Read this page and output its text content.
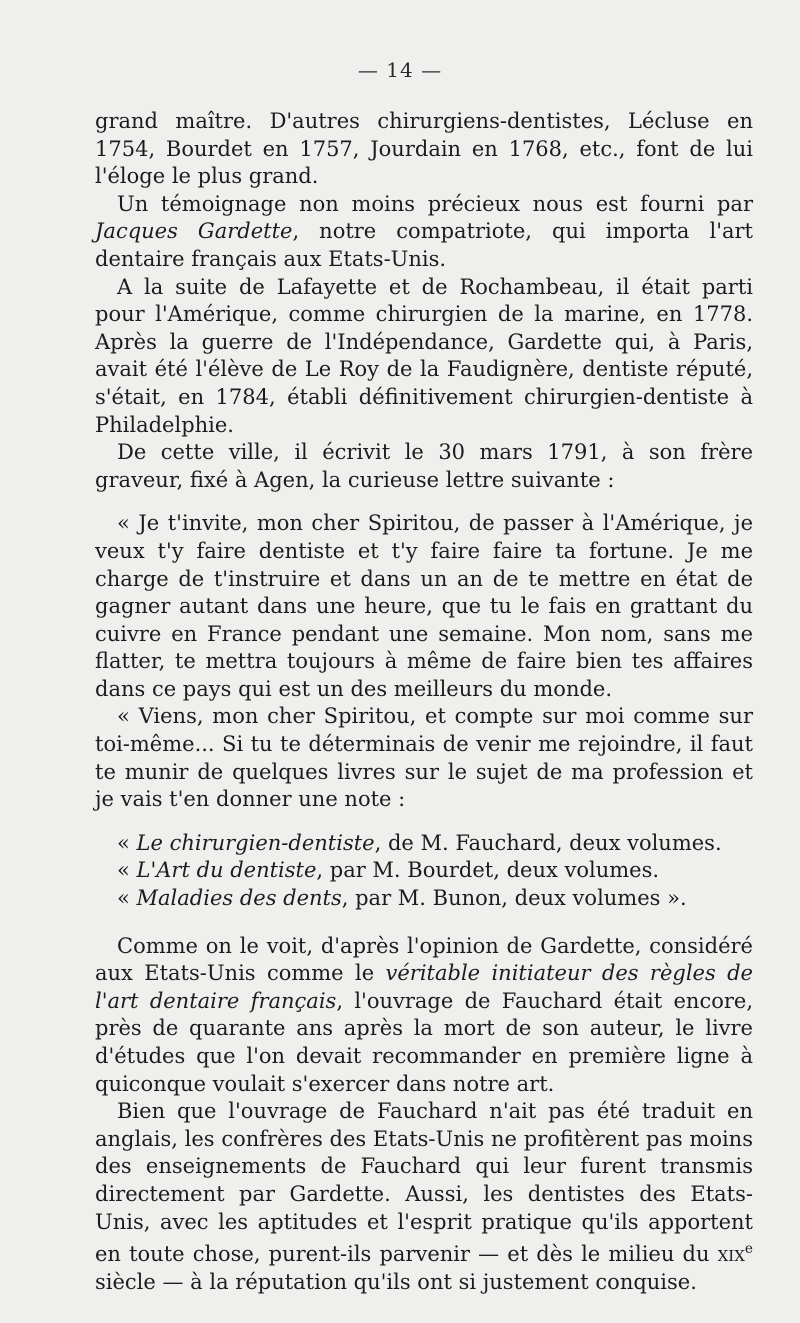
— 14 —

grand maître. D'autres chirurgiens-dentistes, Lécluse en 1754, Bourdet en 1757, Jourdain en 1768, etc., font de lui l'éloge le plus grand.

Un témoignage non moins précieux nous est fourni par Jacques Gardette, notre compatriote, qui importa l'art dentaire français aux Etats-Unis.

A la suite de Lafayette et de Rochambeau, il était parti pour l'Amérique, comme chirurgien de la marine, en 1778. Après la guerre de l'Indépendance, Gardette qui, à Paris, avait été l'élève de Le Roy de la Faudignère, dentiste réputé, s'était, en 1784, établi définitivement chirurgien-dentiste à Philadelphie.

De cette ville, il écrivit le 30 mars 1791, à son frère graveur, fixé à Agen, la curieuse lettre suivante :

« Je t'invite, mon cher Spiritou, de passer à l'Amérique, je veux t'y faire dentiste et t'y faire faire ta fortune. Je me charge de t'instruire et dans un an de te mettre en état de gagner autant dans une heure, que tu le fais en grattant du cuivre en France pendant une semaine. Mon nom, sans me flatter, te mettra toujours à même de faire bien tes affaires dans ce pays qui est un des meilleurs du monde.

« Viens, mon cher Spiritou, et compte sur moi comme sur toi-même... Si tu te déterminais de venir me rejoindre, il faut te munir de quelques livres sur le sujet de ma profession et je vais t'en donner une note :

« Le chirurgien-dentiste, de M. Fauchard, deux volumes.
« L'Art du dentiste, par M. Bourdet, deux volumes.
« Maladies des dents, par M. Bunon, deux volumes ».

Comme on le voit, d'après l'opinion de Gardette, considéré aux Etats-Unis comme le véritable initiateur des règles de l'art dentaire français, l'ouvrage de Fauchard était encore, près de quarante ans après la mort de son auteur, le livre d'études que l'on devait recommander en première ligne à quiconque voulait s'exercer dans notre art.

Bien que l'ouvrage de Fauchard n'ait pas été traduit en anglais, les confrères des Etats-Unis ne profitèrent pas moins des enseignements de Fauchard qui leur furent transmis directement par Gardette. Aussi, les dentistes des Etats-Unis, avec les aptitudes et l'esprit pratique qu'ils apportent en toute chose, purent-ils parvenir — et dès le milieu du xix$^e$ siècle — à la réputation qu'ils ont si justement conquise.
